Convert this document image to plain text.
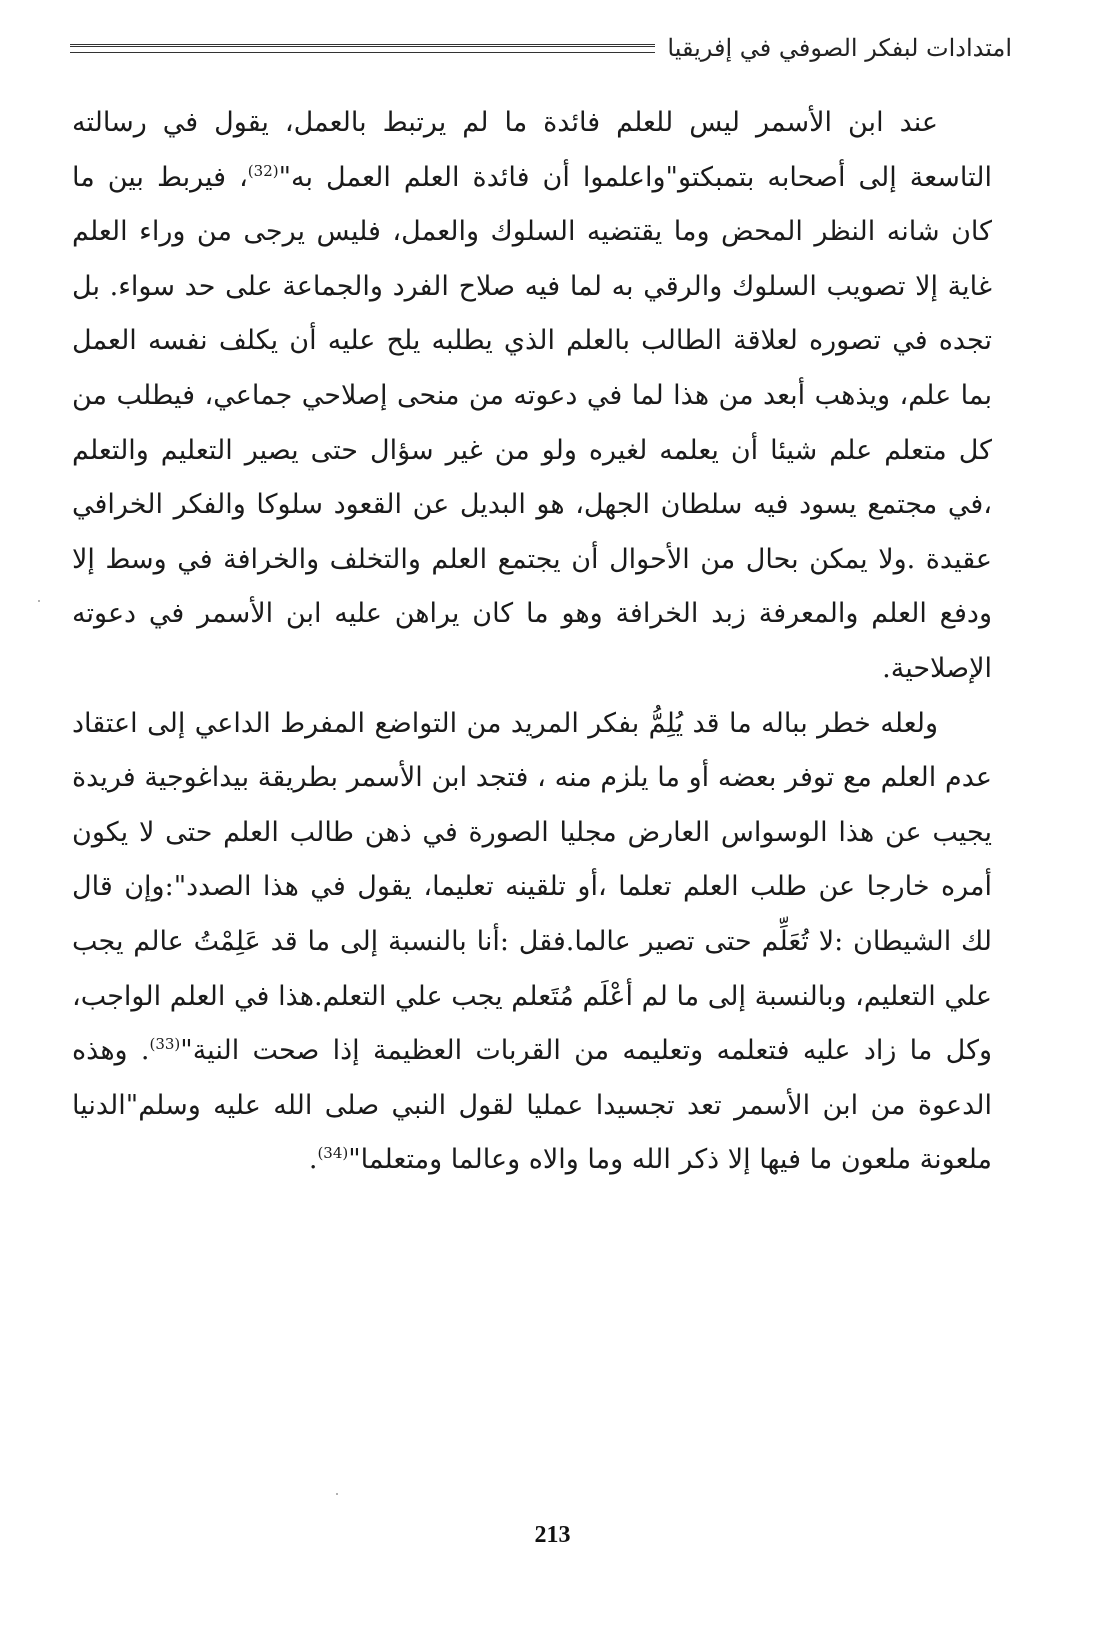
امتدادات لبفكر الصوفي في إفريقيا

عند ابن الأسمر ليس للعلم فائدة ما لم يرتبط بالعمل، يقول في رسالته التاسعة إلى أصحابه بتمبكتو"واعلموا أن فائدة العلم العمل به"$^{(32)}$، فيربط بين ما كان شانه النظر المحض وما يقتضيه السلوك والعمل، فليس يرجى من وراء العلم غاية إلا تصويب السلوك والرقي به لما فيه صلاح الفرد والجماعة على حد سواء. بل تجده في تصوره لعلاقة الطالب بالعلم الذي يطلبه يلح عليه أن يكلف نفسه العمل بما علم، ويذهب أبعد من هذا لما في دعوته من منحى إصلاحي جماعي، فيطلب من كل متعلم علم شيئا أن يعلمه لغيره ولو من غير سؤال حتى يصير التعليم والتعلم ،في مجتمع يسود فيه سلطان الجهل، هو البديل عن القعود سلوكا والفكر الخرافي عقيدة .ولا يمكن بحال من الأحوال أن يجتمع العلم والتخلف والخرافة في وسط إلا ودفع العلم والمعرفة زبد الخرافة وهو ما كان يراهن عليه ابن الأسمر في دعوته الإصلاحية.

ولعله خطر بباله ما قد يُلِمُّ بفكر المريد من التواضع المفرط الداعي إلى اعتقاد عدم العلم مع توفر بعضه أو ما يلزم منه ، فتجد ابن الأسمر بطريقة بيداغوجية فريدة يجيب عن هذا الوسواس العارض مجليا الصورة في ذهن طالب العلم حتى لا يكون أمره خارجا عن طلب العلم تعلما ،أو تلقينه تعليما، يقول في هذا الصدد":وإن قال لك الشيطان :لا تُعَلِّم حتى تصير عالما.فقل :أنا بالنسبة إلى ما قد عَلِمْتُ عالم يجب علي التعليم، وبالنسبة إلى ما لم أعْلَم مُتَعلم يجب علي التعلم.هذا في العلم الواجب، وكل ما زاد عليه فتعلمه وتعليمه من القربات العظيمة إذا صحت النية"$^{(33)}$. وهذه الدعوة من ابن الأسمر تعد تجسيدا عمليا لقول النبي صلى الله عليه وسلم"الدنيا ملعونة ملعون ما فيها إلا ذكر الله وما والاه وعالما ومتعلما"$^{(34)}$.

213
